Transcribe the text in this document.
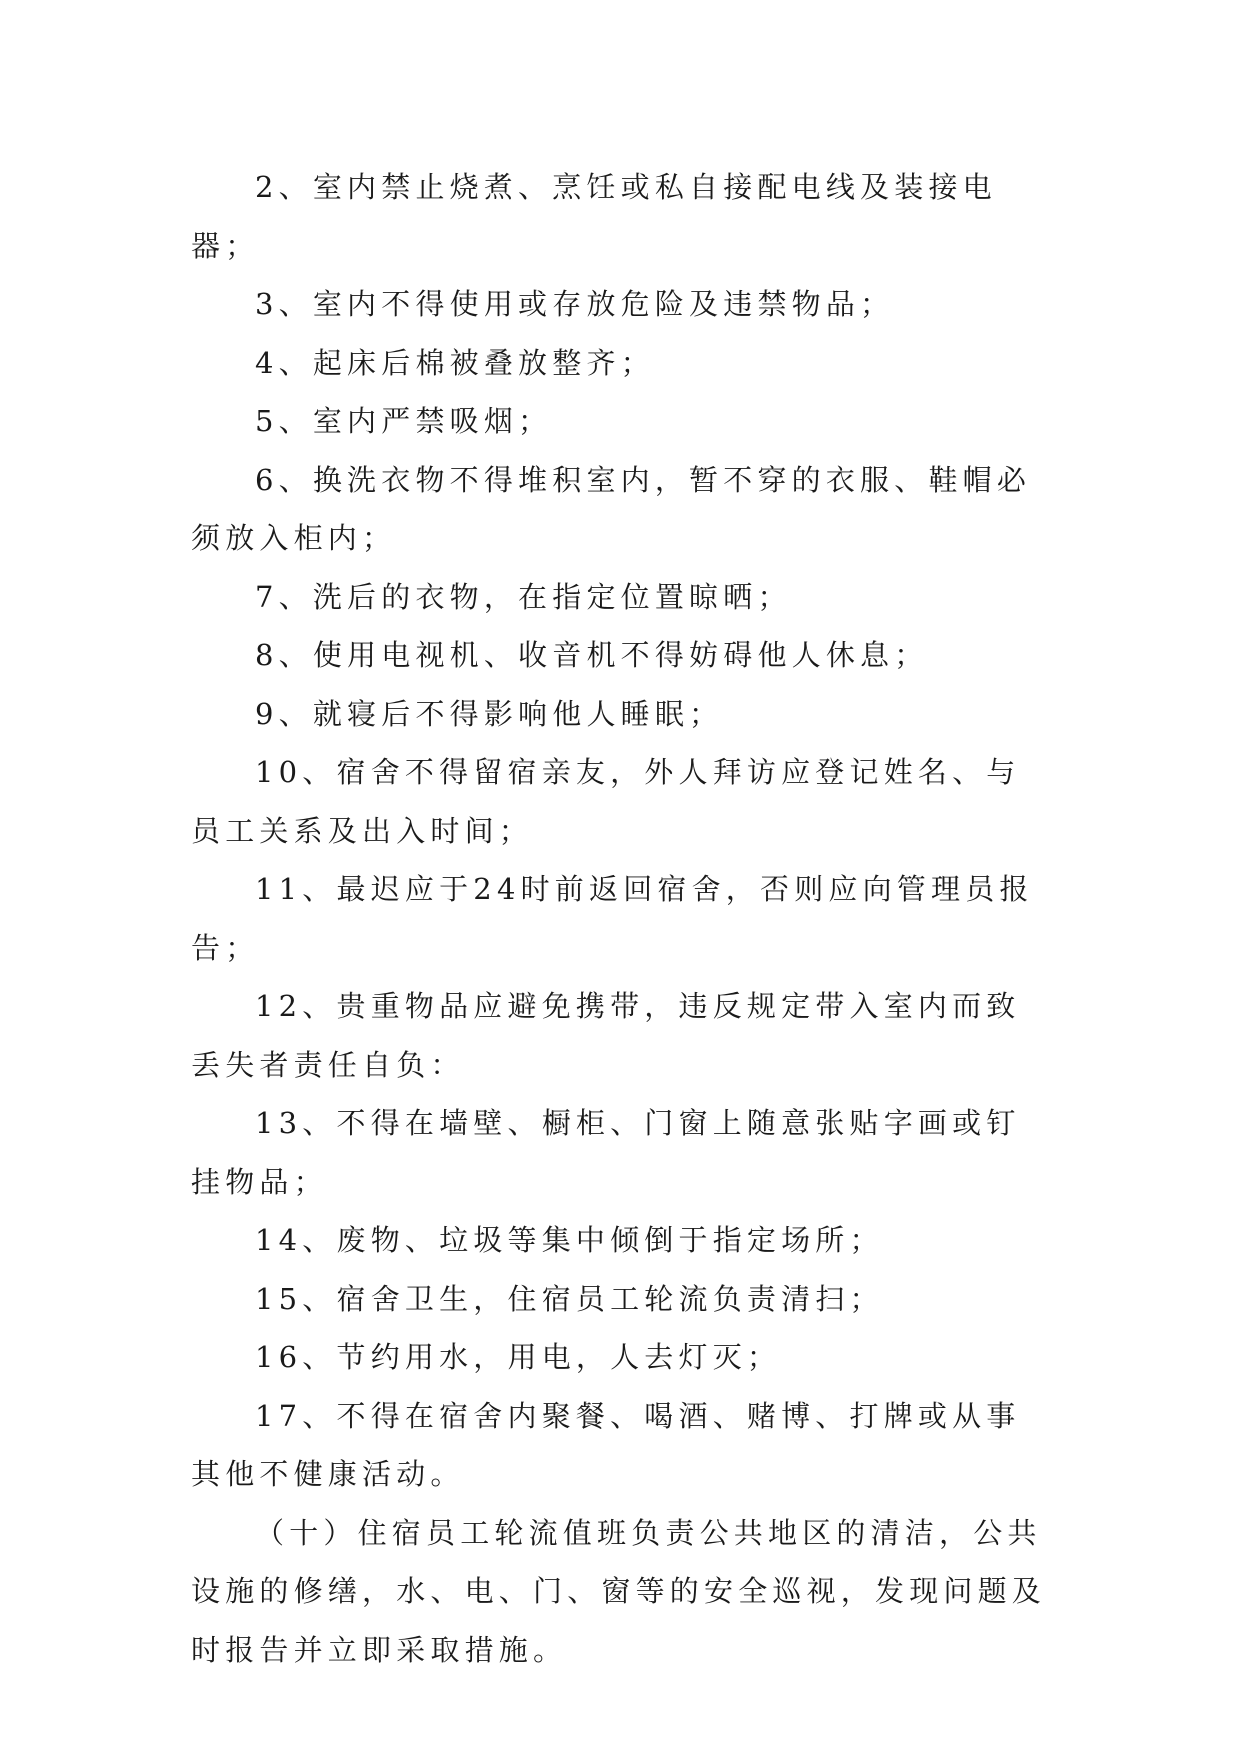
2、室内禁止烧煮、烹饪或私自接配电线及装接电器；

3、室内不得使用或存放危险及违禁物品；

4、起床后棉被叠放整齐；

5、室内严禁吸烟；

6、换洗衣物不得堆积室内，暂不穿的衣服、鞋帽必须放入柜内；

7、洗后的衣物，在指定位置晾晒；

8、使用电视机、收音机不得妨碍他人休息；

9、就寝后不得影响他人睡眠；

10、宿舍不得留宿亲友，外人拜访应登记姓名、与员工关系及出入时间；

11、最迟应于24时前返回宿舍，否则应向管理员报告；

12、贵重物品应避免携带，违反规定带入室内而致丢失者责任自负：

13、不得在墙壁、橱柜、门窗上随意张贴字画或钉挂物品；

14、废物、垃圾等集中倾倒于指定场所；

15、宿舍卫生，住宿员工轮流负责清扫；

16、节约用水，用电，人去灯灭；

17、不得在宿舍内聚餐、喝酒、赌博、打牌或从事其他不健康活动。

（十）住宿员工轮流值班负责公共地区的清洁，公共设施的修缮，水、电、门、窗等的安全巡视，发现问题及时报告并立即采取措施。
